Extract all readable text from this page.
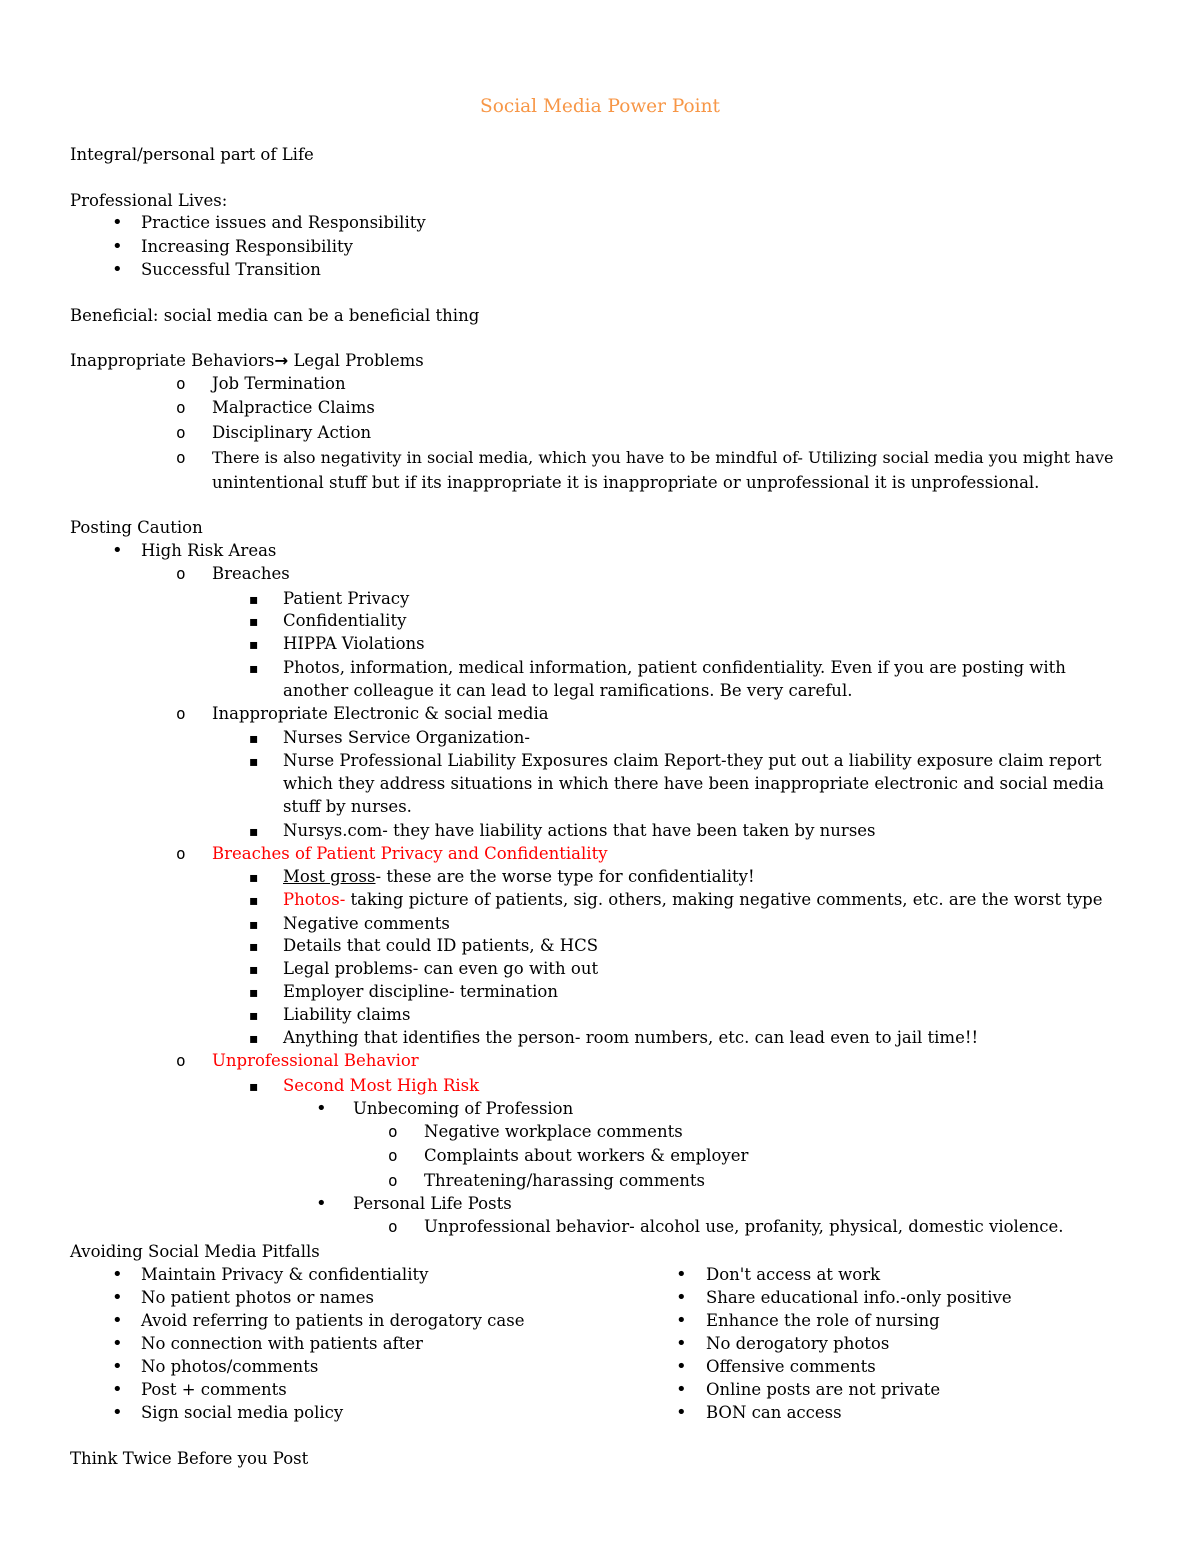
Social Media Power Point
Integral/personal part of Life
Professional Lives:
•
Practice issues and Responsibility
•
Increasing Responsibility
•
Successful Transition
Beneficial: social media can be a beneficial thing
Inappropriate Behaviors→ Legal Problems
o
Job Termination
o
Malpractice Claims
o
Disciplinary Action
o
There is also negativity in social media, which you have to be mindful of- Utilizing social media you might have
unintentional stuff but if its inappropriate it is inappropriate or unprofessional it is unprofessional.
Posting Caution
•
High Risk Areas
o
Breaches
▪
Patient Privacy
▪
Confidentiality
▪
HIPPA Violations
▪
Photos, information, medical information, patient confidentiality. Even if you are posting with
another colleague it can lead to legal ramifications. Be very careful.
o
Inappropriate Electronic & social media
▪
Nurses Service Organization-
▪
Nurse Professional Liability Exposures claim Report-they put out a liability exposure claim report
which they address situations in which there have been inappropriate electronic and social media
stuff by nurses.
▪
Nursys.com- they have liability actions that have been taken by nurses
o
Breaches of Patient Privacy and Confidentiality
▪
Most gross- these are the worse type for confidentiality!
▪
Photos- taking picture of patients, sig. others, making negative comments, etc. are the worst type
▪
Negative comments
▪
Details that could ID patients, & HCS
▪
Legal problems- can even go with out
▪
Employer discipline- termination
▪
Liability claims
▪
Anything that identifies the person- room numbers, etc. can lead even to jail time!!
o
Unprofessional Behavior
▪
Second Most High Risk
•
Unbecoming of Profession
o
Negative workplace comments
o
Complaints about workers & employer
o
Threatening/harassing comments
•
Personal Life Posts
o
Unprofessional behavior- alcohol use, profanity, physical, domestic violence.
Avoiding Social Media Pitfalls
•
Maintain Privacy & confidentiality
•
No patient photos or names
•
Avoid referring to patients in derogatory case
•
No connection with patients after
•
No photos/comments
•
Post + comments
•
Sign social media policy
•
Don't access at work
•
Share educational info.-only positive
•
Enhance the role of nursing
•
No derogatory photos
•
Offensive comments
•
Online posts are not private
•
BON can access
Think Twice Before you Post
